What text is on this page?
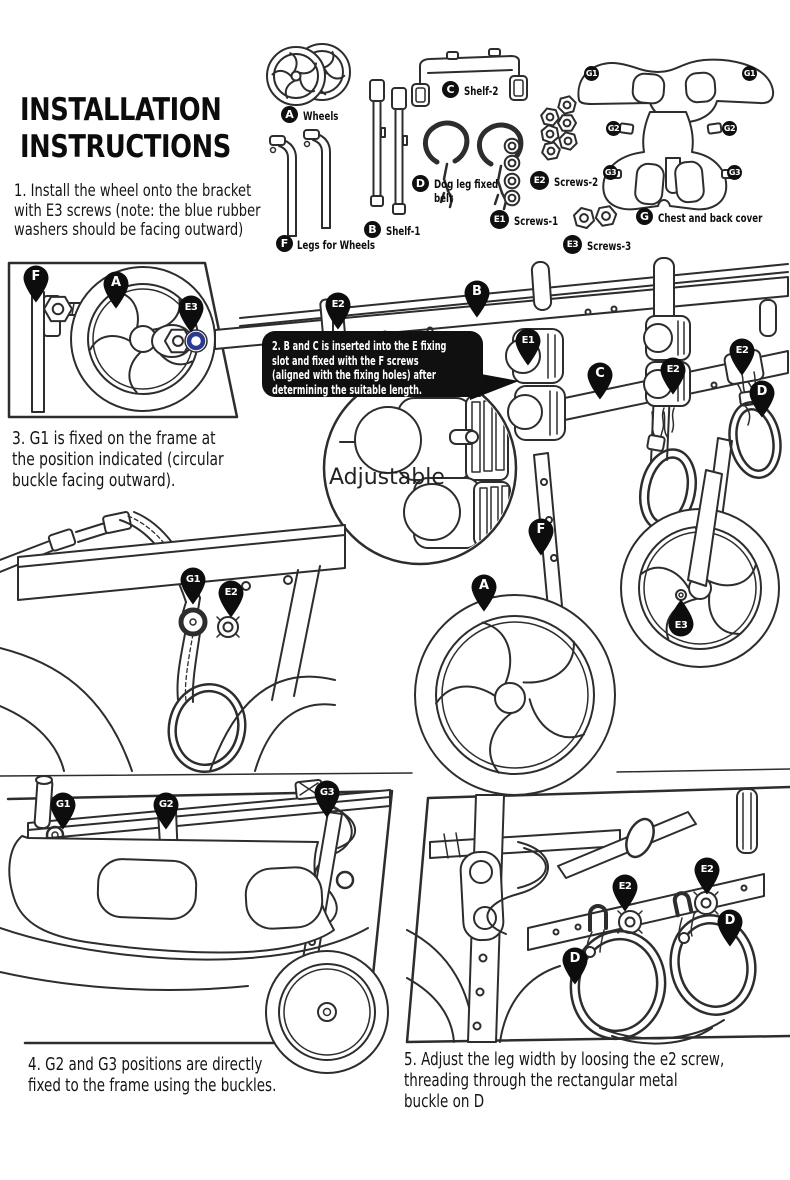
INSTALLATION
INSTRUCTIONS
1. Install the wheel onto the bracket
with E3 screws (note: the blue rubber
washers should be facing outward)
2. B and C is inserted into the E fixing
slot and fixed with the F screws
(aligned with the fixing holes) after
determining the suitable length.
3. G1 is fixed on the frame at
the position indicated (circular
buckle facing outward).	Adjustable
4. G2 and G3 positions are directly
fixed to the frame using the buckles.
5. Adjust the leg width by loosing the e2 screw,
threading through the rectangular metal
buckle on D
A Wheels
F Legs for Wheels
B Shelf-1
C Shelf-2
D Dog leg fixed
belt
E2 Screws-2
E1 Screws-1
E3 Screws-3
G Chest and back cover
G1	G1
G2	G2
G3	G3
F	A
E3	E2
B
E1
C	E2
E2
D
F
A
E3
G1
E2
G1	G2
G3
E2
E2
D
D
